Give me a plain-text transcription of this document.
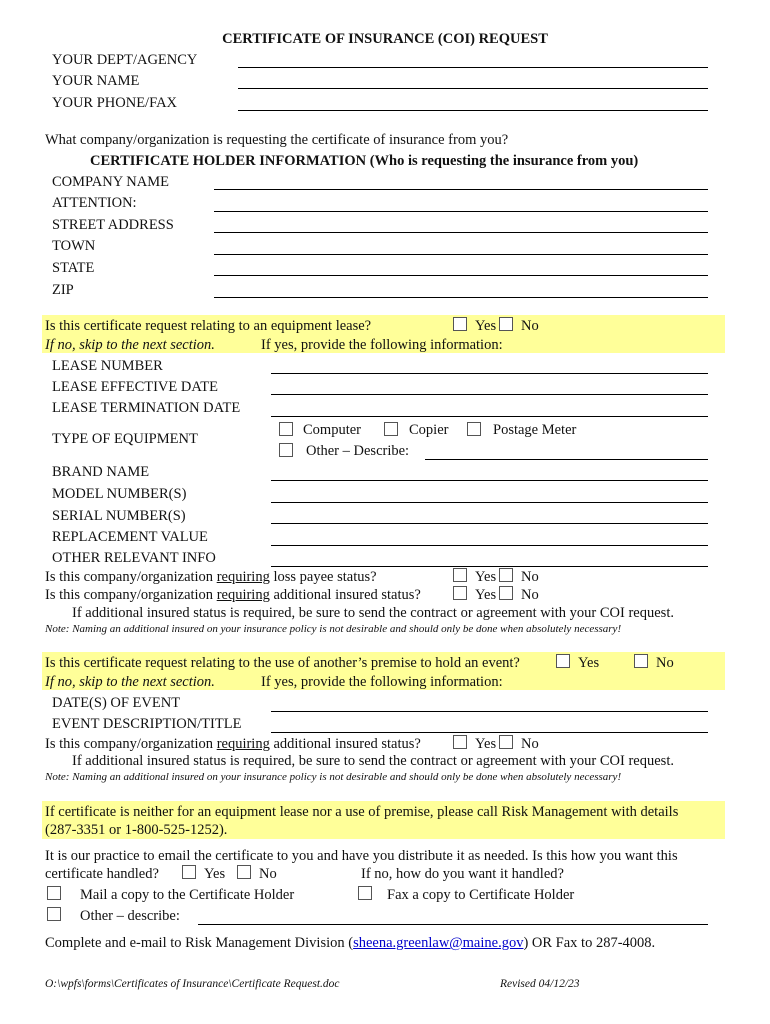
CERTIFICATE OF INSURANCE (COI) REQUEST
YOUR DEPT/AGENCY
YOUR NAME
YOUR PHONE/FAX
What company/organization is requesting the certificate of insurance from you?
CERTIFICATE HOLDER INFORMATION (Who is requesting the insurance from you)
COMPANY NAME
ATTENTION:
STREET ADDRESS
TOWN
STATE
ZIP
Is this certificate request relating to an equipment lease?	Yes No
If no, skip to the next section.	If yes, provide the following information:
LEASE NUMBER
LEASE EFFECTIVE DATE
LEASE TERMINATION DATE
TYPE OF EQUIPMENT
Computer	Copier	Postage Meter
Other – Describe:
BRAND NAME
MODEL NUMBER(S)
SERIAL NUMBER(S)
REPLACEMENT VALUE
OTHER RELEVANT INFO
Is this company/organization requiring loss payee status?	Yes No
Is this company/organization requiring additional insured status?	Yes No
If additional insured status is required, be sure to send the contract or agreement with your COI request.
Note: Naming an additional insured on your insurance policy is not desirable and should only be done when absolutely necessary!
Is this certificate request relating to the use of another’s premise to hold an event?	Yes	No
If no, skip to the next section.	If yes, provide the following information:
DATE(S) OF EVENT
EVENT DESCRIPTION/TITLE
Is this company/organization requiring additional insured status?	Yes No
If additional insured status is required, be sure to send the contract or agreement with your COI request.
Note: Naming an additional insured on your insurance policy is not desirable and should only be done when absolutely necessary!
If certificate is neither for an equipment lease nor a use of premise, please call Risk Management with details
(287-3351 or 1-800-525-1252).
It is our practice to email the certificate to you and have you distribute it as needed. Is this how you want this
certificate handled?	Yes No	If no, how do you want it handled?
Mail a copy to the Certificate Holder	Fax a copy to Certificate Holder
Other – describe:
Complete and e-mail to Risk Management Division (sheena.greenlaw@maine.gov) OR Fax to 287-4008.
O:\wpfs\forms\Certificates of Insurance\Certificate Request.doc	Revised 04/12/23
